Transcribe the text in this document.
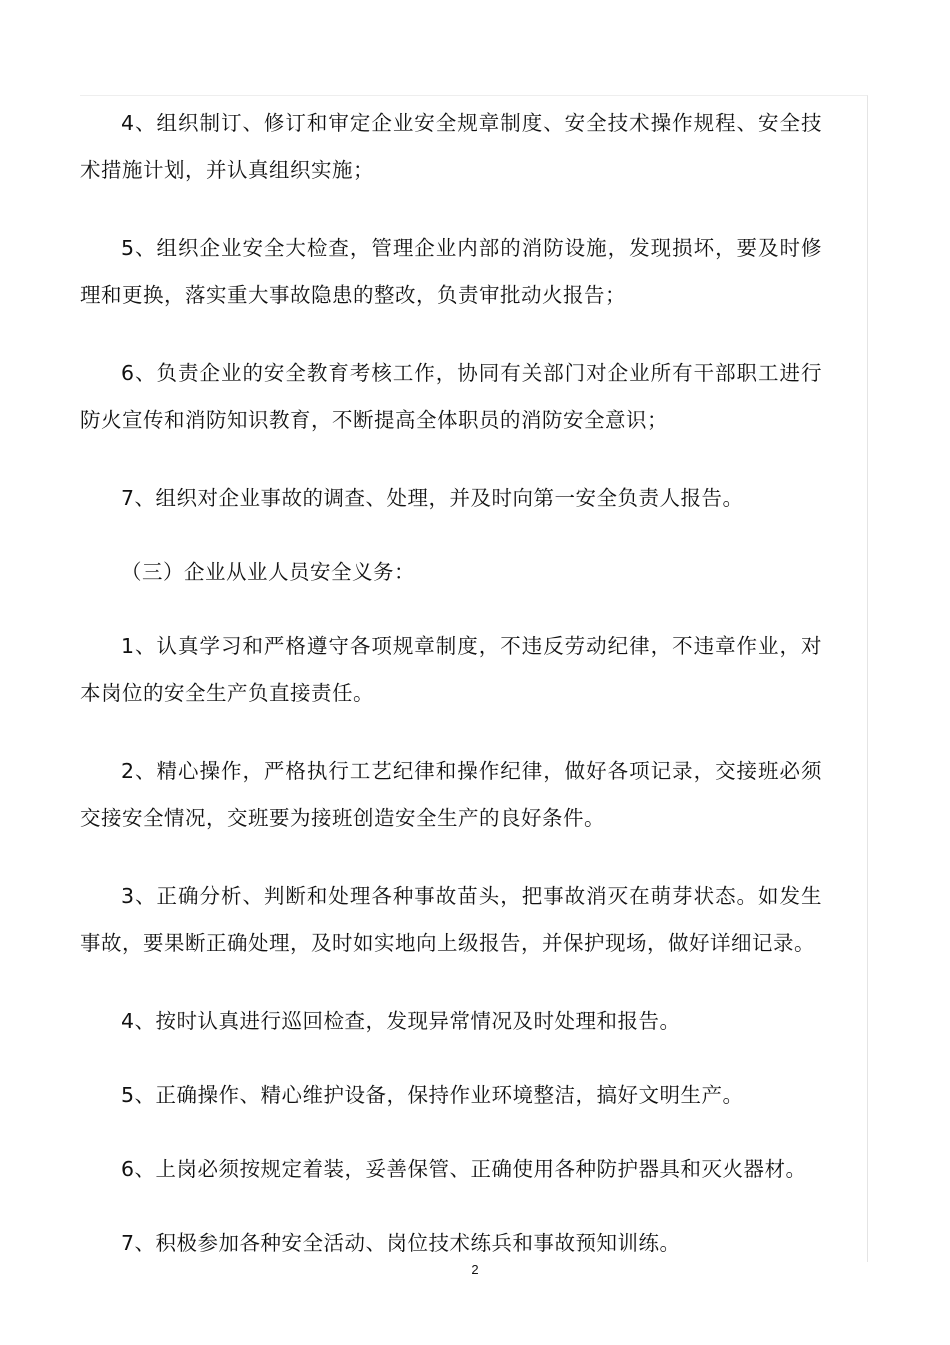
4、组织制订、修订和审定企业安全规章制度、安全技术操作规程、安全技术措施计划，并认真组织实施；

5、组织企业安全大检查，管理企业内部的消防设施，发现损坏，要及时修理和更换，落实重大事故隐患的整改，负责审批动火报告；

6、负责企业的安全教育考核工作，协同有关部门对企业所有干部职工进行防火宣传和消防知识教育，不断提高全体职员的消防安全意识；

7、组织对企业事故的调查、处理，并及时向第一安全负责人报告。

（三）企业从业人员安全义务：

1、认真学习和严格遵守各项规章制度，不违反劳动纪律，不违章作业，对本岗位的安全生产负直接责任。

2、精心操作，严格执行工艺纪律和操作纪律，做好各项记录，交接班必须交接安全情况，交班要为接班创造安全生产的良好条件。

3、正确分析、判断和处理各种事故苗头，把事故消灭在萌芽状态。如发生事故，要果断正确处理，及时如实地向上级报告，并保护现场，做好详细记录。

4、按时认真进行巡回检查，发现异常情况及时处理和报告。

5、正确操作、精心维护设备，保持作业环境整洁，搞好文明生产。

6、上岗必须按规定着装，妥善保管、正确使用各种防护器具和灭火器材。

7、积极参加各种安全活动、岗位技术练兵和事故预知训练。

2
